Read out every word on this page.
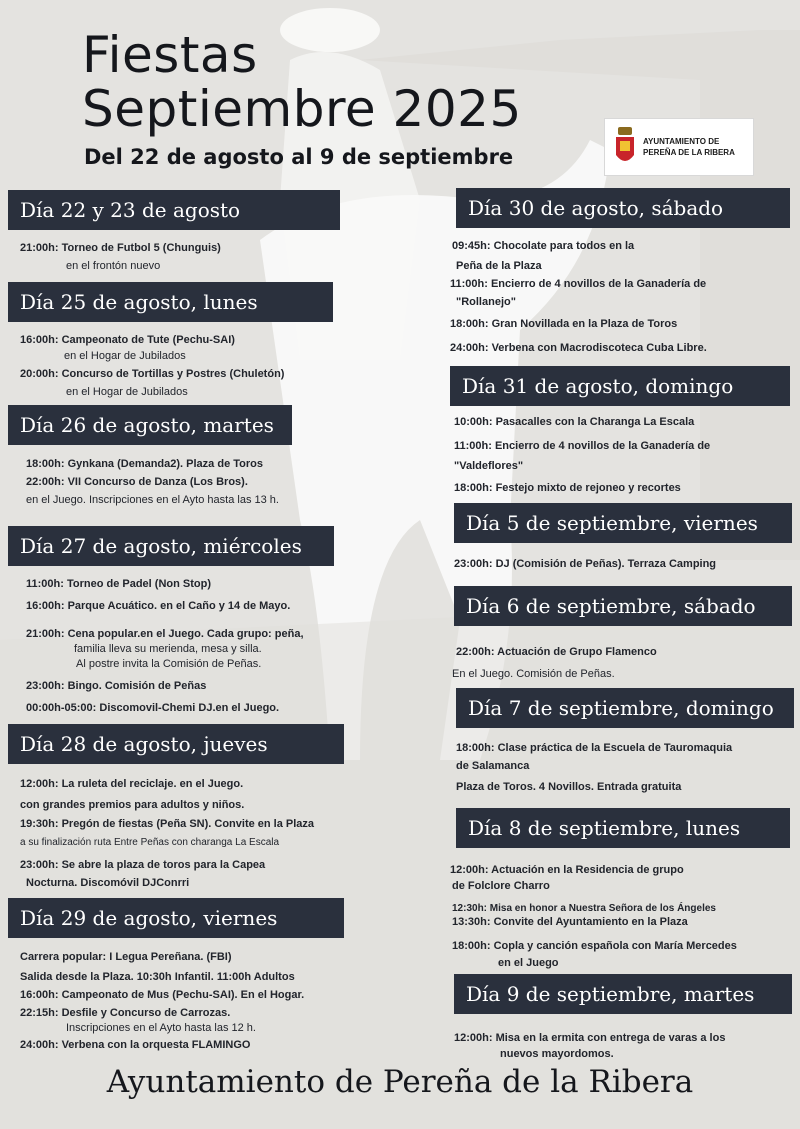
Fiestas
Septiembre 2025
Del 22 de agosto al 9 de septiembre
AYUNTAMIENTO DE
PEREÑA DE LA RIBERA
Día 22 y 23 de agosto
21:00h: Torneo de Futbol 5 (Chunguis)
en el frontón nuevo
Día 25 de agosto, lunes
16:00h: Campeonato de Tute (Pechu-SAI)
en el Hogar de Jubilados
20:00h: Concurso de Tortillas y Postres (Chuletón)
en el Hogar de Jubilados
Día 26 de agosto, martes
18:00h: Gynkana (Demanda2). Plaza de Toros
22:00h: VII Concurso de Danza (Los Bros).
en el Juego. Inscripciones en el Ayto hasta las 13 h.
Día 27 de agosto, miércoles
11:00h: Torneo de Padel (Non Stop)
16:00h: Parque Acuático. en el Caño y 14 de Mayo.
21:00h: Cena popular.en el Juego. Cada grupo: peña,
familia lleva su merienda, mesa y silla.
Al postre invita la Comisión de Peñas.
23:00h: Bingo. Comisión de Peñas
00:00h-05:00: Discomovil-Chemi DJ.en el Juego.
Día 28 de agosto, jueves
12:00h: La ruleta del reciclaje. en el Juego.
con grandes premios para adultos y niños.
19:30h: Pregón de fiestas (Peña SN). Convite en la Plaza
a su finalización ruta Entre Peñas con charanga La Escala
23:00h: Se abre la plaza de toros para la Capea
Nocturna. Discomóvil DJConrri
Día 29 de agosto, viernes
Carrera popular: I Legua Pereñana. (FBI)
Salida desde la Plaza. 10:30h Infantil. 11:00h Adultos
16:00h: Campeonato de Mus (Pechu-SAI). En el Hogar.
22:15h: Desfile y Concurso de Carrozas.
Inscripciones en el Ayto hasta las 12 h.
24:00h: Verbena con la orquesta FLAMINGO
Día 30 de agosto, sábado
09:45h: Chocolate para todos en la
Peña de la Plaza
11:00h: Encierro de 4 novillos de la Ganadería de
"Rollanejo"
18:00h: Gran Novillada en la Plaza de Toros
24:00h: Verbena con Macrodiscoteca Cuba Libre.
Día 31 de agosto, domingo
10:00h: Pasacalles con la Charanga La Escala
11:00h: Encierro de 4 novillos de la Ganadería de
"Valdeflores"
18:00h: Festejo mixto de rejoneo y recortes
Día 5 de septiembre, viernes
23:00h: DJ (Comisión de Peñas). Terraza Camping
Día 6 de septiembre, sábado
22:00h: Actuación de Grupo Flamenco
En el Juego. Comisión de Peñas.
Día 7 de septiembre, domingo
18:00h: Clase práctica de la Escuela de Tauromaquia
de Salamanca
Plaza de Toros. 4 Novillos. Entrada gratuita
Día 8 de septiembre, lunes
12:00h: Actuación en la Residencia de grupo
de Folclore Charro
12:30h: Misa en honor a Nuestra Señora de los Ángeles
13:30h: Convite del Ayuntamiento en la Plaza
18:00h: Copla y canción española con María Mercedes
en el Juego
Día 9 de septiembre, martes
12:00h: Misa en la ermita con entrega de varas a los
nuevos mayordomos.
Ayuntamiento de Pereña de la Ribera
